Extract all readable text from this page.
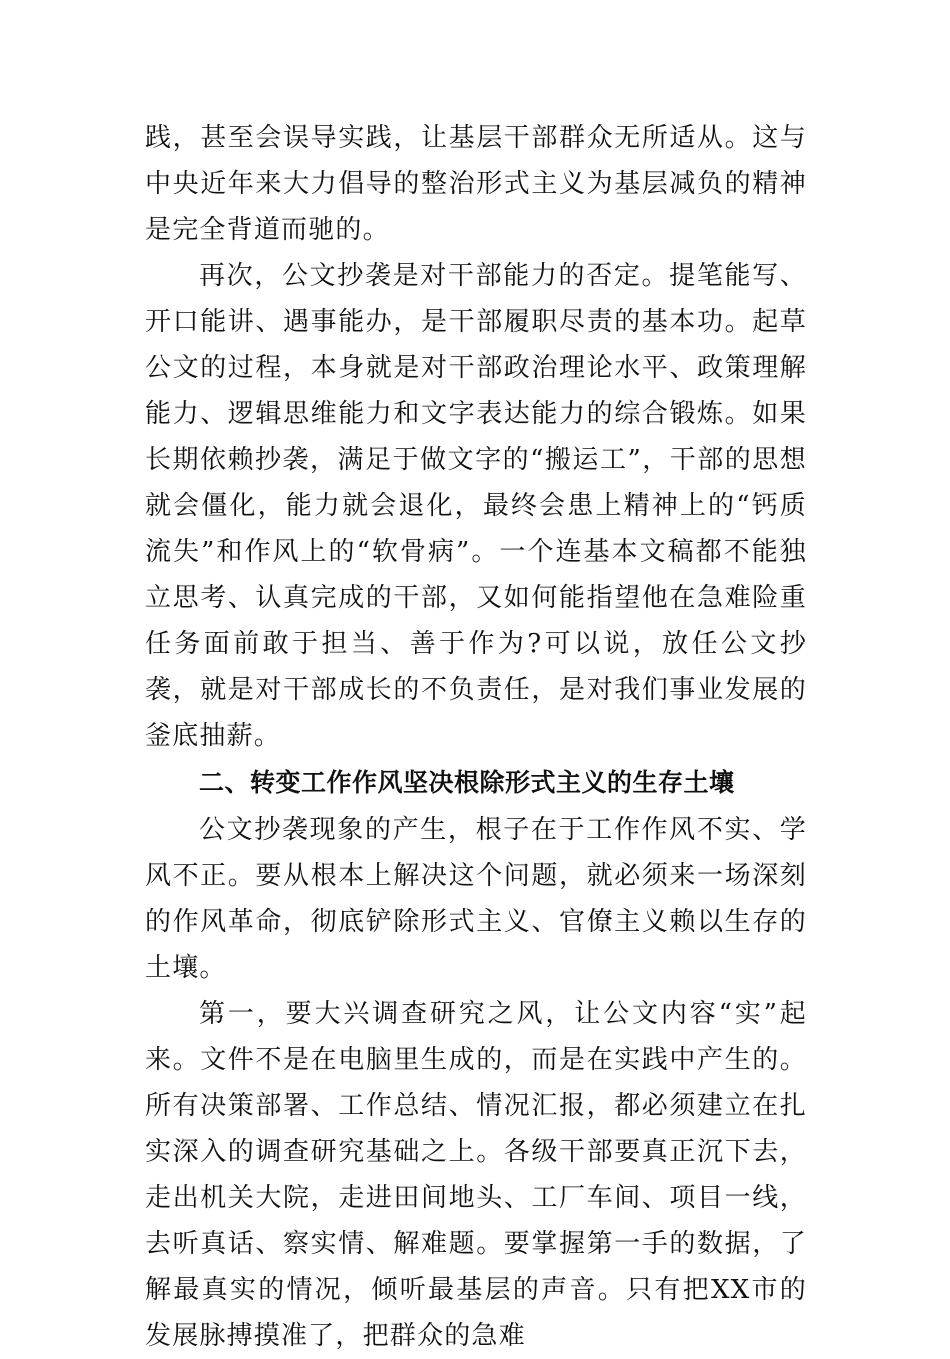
践，甚至会误导实践，让基层干部群众无所适从。这与中央近年来大力倡导的整治形式主义为基层减负的精神是完全背道而驰的。

再次，公文抄袭是对干部能力的否定。提笔能写、开口能讲、遇事能办，是干部履职尽责的基本功。起草公文的过程，本身就是对干部政治理论水平、政策理解能力、逻辑思维能力和文字表达能力的综合锻炼。如果长期依赖抄袭，满足于做文字的“搬运工”，干部的思想就会僵化，能力就会退化，最终会患上精神上的“钙质流失”和作风上的“软骨病”。一个连基本文稿都不能独立思考、认真完成的干部，又如何能指望他在急难险重任务面前敢于担当、善于作为?可以说，放任公文抄袭，就是对干部成长的不负责任，是对我们事业发展的釜底抽薪。

二、转变工作作风坚决根除形式主义的生存土壤

公文抄袭现象的产生，根子在于工作作风不实、学风不正。要从根本上解决这个问题，就必须来一场深刻的作风革命，彻底铲除形式主义、官僚主义赖以生存的土壤。

第一，要大兴调查研究之风，让公文内容“实”起来。文件不是在电脑里生成的，而是在实践中产生的。所有决策部署、工作总结、情况汇报，都必须建立在扎实深入的调查研究基础之上。各级干部要真正沉下去，走出机关大院，走进田间地头、工厂车间、项目一线，去听真话、察实情、解难题。要掌握第一手的数据，了解最真实的情况，倾听最基层的声音。只有把XX市的发展脉搏摸准了，把群众的急难
